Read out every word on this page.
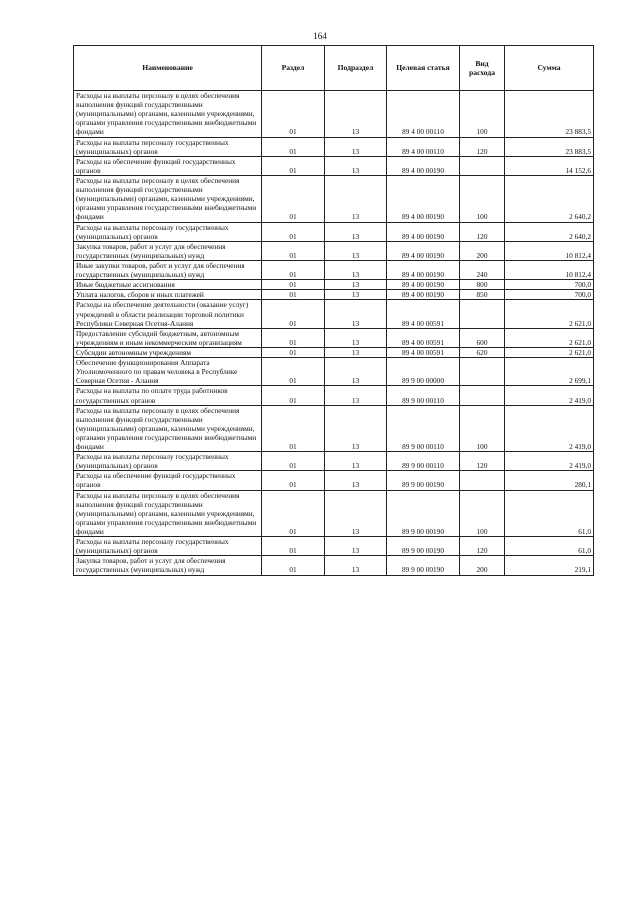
164
Наименование	Раздел	Подраздел	Целевая статья	Вид расхода	Сумма
Расходы на выплаты персоналу в целях обеспечения выполнения функций государственными (муниципальными) органами, казенными учреждениями, органами управления государственными внебюджетными фондами	01	13	89 4 00 00110	100	23 883,5
Расходы на выплаты персоналу государственных (муниципальных) органов	01	13	89 4 00 00110	120	23 883,5
Расходы на обеспечение функций государственных органов	01	13	89 4 00 00190		14 152,6
Расходы на выплаты персоналу в целях обеспечения выполнения функций государственными (муниципальными) органами, казенными учреждениями, органами управления государственными внебюджетными фондами	01	13	89 4 00 00190	100	2 640,2
Расходы на выплаты персоналу государственных (муниципальных) органов	01	13	89 4 00 00190	120	2 640,2
Закупка товаров, работ и услуг для обеспечения государственных (муниципальных) нужд	01	13	89 4 00 00190	200	10 812,4
Иные закупки товаров, работ и услуг для обеспечения государственных (муниципальных) нужд	01	13	89 4 00 00190	240	10 812,4
Иные бюджетные ассигнования	01	13	89 4 00 00190	800	700,0
Уплата налогов, сборов и иных платежей	01	13	89 4 00 00190	850	700,0
Расходы на обеспечение деятельности (оказание услуг) учреждений в области реализации торговой политики Республики Северная Осетия-Алания	01	13	89 4 00 00591		2 621,0
Предоставление субсидий бюджетным, автономным учреждениям и иным некоммерческим организациям	01	13	89 4 00 00591	600	2 621,0
Субсидии автономным учреждениям	01	13	89 4 00 00591	620	2 621,0
Обеспечение функционирования Аппарата Уполномоченного по правам человека в Республике Северная Осетия - Алания	01	13	89 9 00 00000		2 699,1
Расходы на выплаты по оплате труда работников государственных органов	01	13	89 9 00 00110		2 419,0
Расходы на выплаты персоналу в целях обеспечения выполнения функций государственными (муниципальными) органами, казенными учреждениями, органами управления государственными внебюджетными фондами	01	13	89 9 00 00110	100	2 419,0
Расходы на выплаты персоналу государственных (муниципальных) органов	01	13	89 9 00 00110	120	2 419,0
Расходы на обеспечение функций государственных органов	01	13	89 9 00 00190		280,1
Расходы на выплаты персоналу в целях обеспечения выполнения функций государственными (муниципальными) органами, казенными учреждениями, органами управления государственными внебюджетными фондами	01	13	89 9 00 00190	100	61,0
Расходы на выплаты персоналу государственных (муниципальных) органов	01	13	89 9 00 00190	120	61,0
Закупка товаров, работ и услуг для обеспечения государственных (муниципальных) нужд	01	13	89 9 00 00190	200	219,1
